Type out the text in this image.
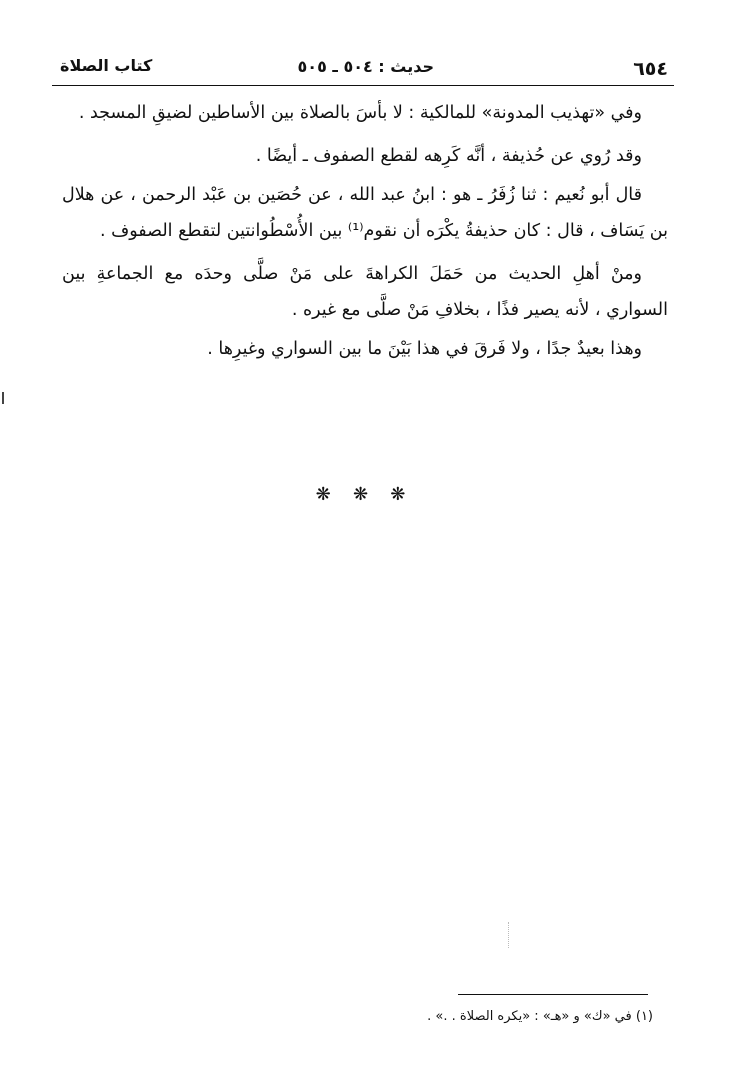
٦٥٤
حديث : ٥٠٤ ـ ٥٠٥
كتاب الصلاة

وفي «تهذيب المدونة» للمالكية : لا بأسَ بالصلاة بين الأساطين لضيقِ المسجد .

وقد رُوي عن حُذيفة ، أنَّه كَرِهه لقطع الصفوف ـ أيضًا .

قال أبو نُعيم : ثنا زُفَرُ ـ هو : ابنُ عبد الله ، عن حُصَين بن عَبْد الرحمن ، عن هلال بن يَسَاف ، قال : كان حذيفةُ يكْرَه أن نقوم⁽¹⁾ بين الأُسْطُوانتين لتقطع الصفوف .

ومنْ أهلِ الحديث من حَمَلَ الكراهةَ على مَنْ صلَّى وحدَه مع الجماعةِ بين السواري ، لأنه يصير فذًا ، بخلافِ مَنْ صلَّى مع غيره .

وهذا بعيدٌ جدًا ، ولا فَرقَ في هذا بَيْنَ ما بين السواري وغيرِها .

❋ ❋ ❋
(١) في «ك» و «هـ» : «يكره الصلاة . .» .
